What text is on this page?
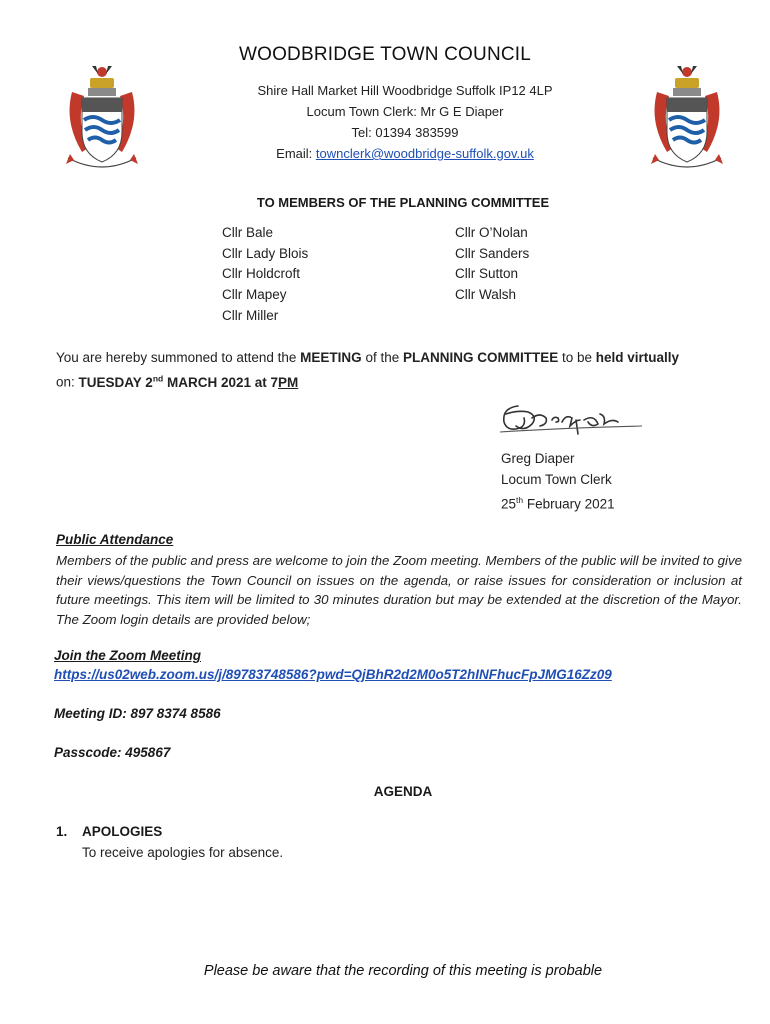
WOODBRIDGE TOWN COUNCIL
Shire Hall Market Hill Woodbridge Suffolk IP12 4LP
Locum Town Clerk: Mr G E Diaper
Tel: 01394 383599
Email: townclerk@woodbridge-suffolk.gov.uk
TO MEMBERS OF THE PLANNING COMMITTEE
Cllr Bale
Cllr Lady Blois
Cllr Holdcroft
Cllr Mapey
Cllr Miller
Cllr O’Nolan
Cllr Sanders
Cllr Sutton
Cllr Walsh
You are hereby summoned to attend the MEETING of the PLANNING COMMITTEE to be held virtually
on: TUESDAY 2nd MARCH 2021 at 7PM
Greg Diaper
Locum Town Clerk
25th February 2021
Public Attendance
Members of the public and press are welcome to join the Zoom meeting. Members of the public will be invited to give their views/questions the Town Council on issues on the agenda, or raise issues for consideration or inclusion at future meetings. This item will be limited to 30 minutes duration but may be extended at the discretion of the Mayor. The Zoom login details are provided below;
Join the Zoom Meeting
https://us02web.zoom.us/j/89783748586?pwd=QjBhR2d2M0o5T2hINFhucFpJMG16Zz09
Meeting ID: 897 8374 8586
Passcode: 495867
AGENDA
1. APOLOGIES
To receive apologies for absence.
Please be aware that the recording of this meeting is probable
